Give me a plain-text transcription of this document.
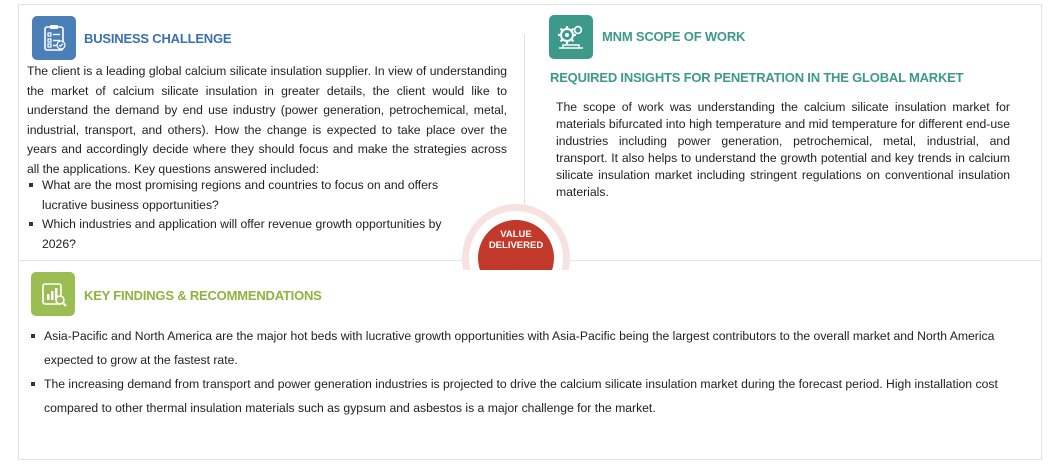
BUSINESS CHALLENGE
The client is a leading global calcium silicate insulation supplier. In view of understanding the market of calcium silicate insulation in greater details, the client would like to understand the demand by end use industry (power generation, petrochemical, metal, industrial, transport, and others). How the change is expected to take place over the years and accordingly decide where they should focus and make the strategies across all the applications. Key questions answered included:
What are the most promising regions and countries to focus on and offers lucrative business opportunities?
Which industries and application will offer revenue growth opportunities by 2026?
MNM SCOPE OF WORK
REQUIRED INSIGHTS FOR PENETRATION IN THE GLOBAL MARKET
The scope of work was understanding the calcium silicate insulation market for materials bifurcated into high temperature and mid temperature for different end-use industries including power generation, petrochemical, metal, industrial, and transport. It also helps to understand the growth potential and key trends in calcium silicate insulation market including stringent regulations on conventional insulation materials.
VALUE
DELIVERED
KEY FINDINGS & RECOMMENDATIONS
Asia-Pacific and North America are the major hot beds with lucrative growth opportunities with Asia-Pacific being the largest contributors to the overall market and North America expected to grow at the fastest rate.
The increasing demand from transport and power generation industries is projected to drive the calcium silicate insulation market during the forecast period. High installation cost compared to other thermal insulation materials such as gypsum and asbestos is a major challenge for the market.
